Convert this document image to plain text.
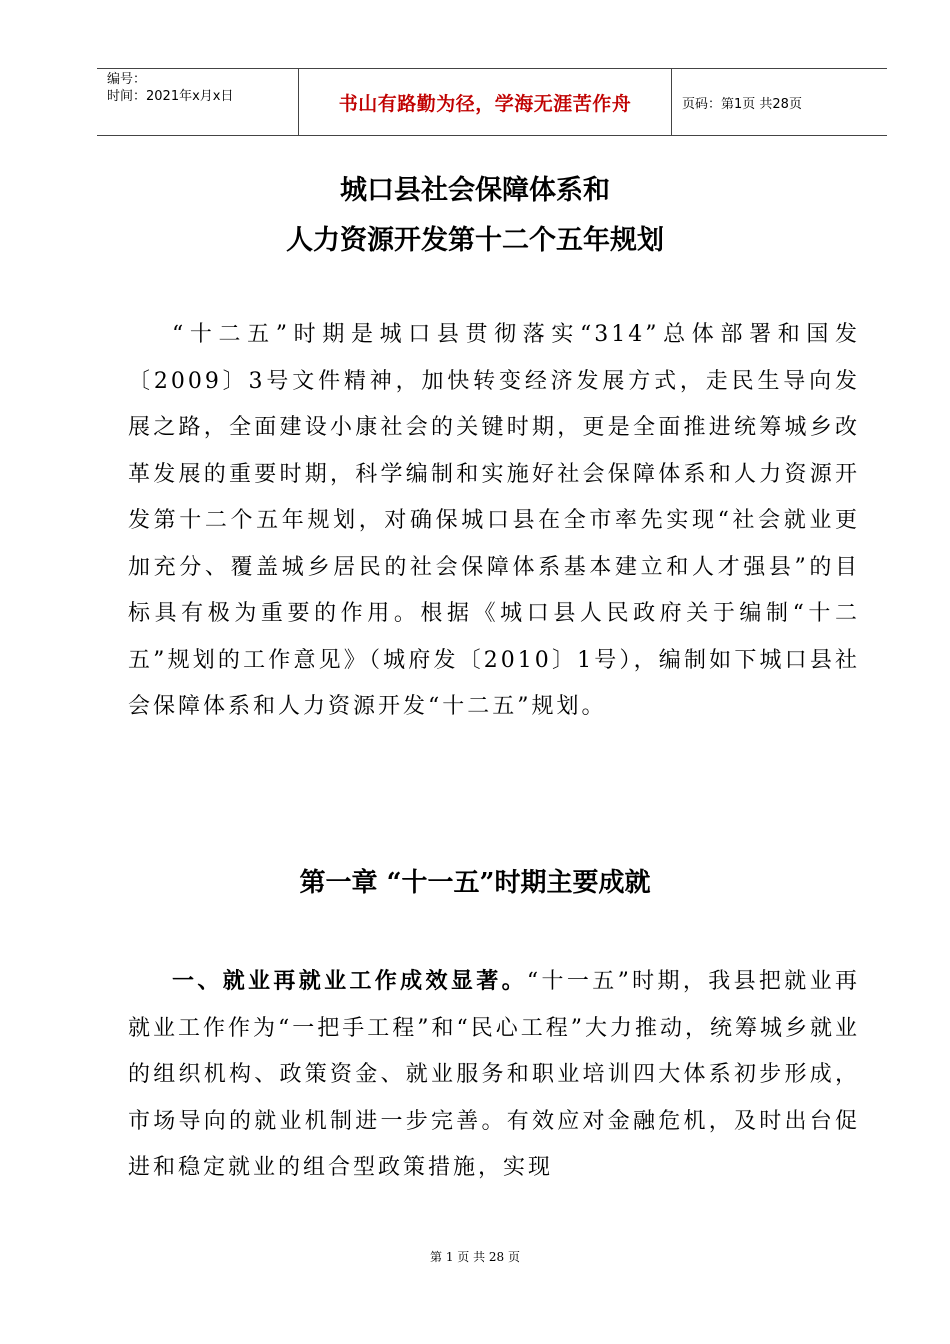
编号：
时间：2021年x月x日	书山有路勤为径，学海无涯苦作舟	页码：第1页 共28页
城口县社会保障体系和
人力资源开发第十二个五年规划

“十二五”时期是城口县贯彻落实“314”总体部署和国发〔2009〕3号文件精神，加快转变经济发展方式，走民生导向发展之路，全面建设小康社会的关键时期，更是全面推进统筹城乡改革发展的重要时期，科学编制和实施好社会保障体系和人力资源开发第十二个五年规划，对确保城口县在全市率先实现“社会就业更加充分、覆盖城乡居民的社会保障体系基本建立和人才强县”的目标具有极为重要的作用。根据《城口县人民政府关于编制“十二五”规划的工作意见》（城府发〔2010〕1号），编制如下城口县社会保障体系和人力资源开发“十二五”规划。

第一章 “十一五”时期主要成就

一、就业再就业工作成效显著。“十一五”时期，我县把就业再就业工作作为“一把手工程”和“民心工程”大力推动，统筹城乡就业的组织机构、政策资金、就业服务和职业培训四大体系初步形成，市场导向的就业机制进一步完善。有效应对金融危机，及时出台促进和稳定就业的组合型政策措施，实现

第 1 页 共 28 页
